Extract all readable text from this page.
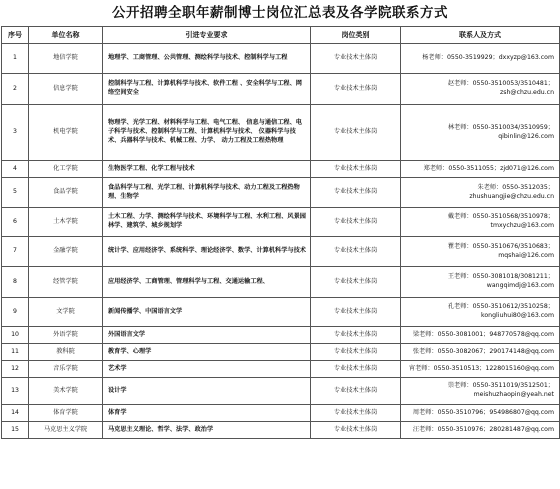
公开招聘全职年薪制博士岗位汇总表及各学院联系方式
序号	单位名称	引进专业要求	岗位类别	联系人及方式
1	地信学院	地理学、工商管理、公共管理、测绘科学与技术、控制科学与工程	专业技术主体岗	杨老师：0550-3519929；dxxyzp@163.com
2	信息学院	控制科学与工程、计算机科学与技术、软件工程 、安全科学与工程、网络空间安全	专业技术主体岗	赵老师：0550-3510053/3510481；zsh@chzu.edu.cn
3	机电学院	物理学、光学工程、材料科学与工程、电气工程、 信息与通信工程、电子科学与技术、控制科学与工程、计算机科学与技术、 仪器科学与技术、兵器科学与技术、机械工程、力学、 动力工程及工程热物理	专业技术主体岗	林老师：0550-3510034/3510959；qibinlin@126.com
4	化工学院	生物医学工程、化学工程与技术	专业技术主体岗	郑老师：0550-3511055；zjd071@126.com
5	食品学院	食品科学与工程、光学工程、计算机科学与技术、动力工程及工程热物理、生物学	专业技术主体岗	朱老师：0550-3512035；zhushuangjie@chzu.edu.cn
6	土木学院	土木工程、力学、测绘科学与技术、环境科学与工程、水利工程、风景园林学、建筑学、城乡规划学	专业技术主体岗	戴老师：0550-3510568/3510978；tmxychzu@163.com
7	金融学院	统计学、应用经济学、系统科学、理论经济学、数学、计算机科学与技术	专业技术主体岗	瞿老师：0550-3510676/3510683；mqshai@126.com
8	经管学院	应用经济学、工商管理、管理科学与工程、交通运输工程、	专业技术主体岗	王老师：0550-3081018/3081211；wangqimdj@163.com
9	文学院	新闻传播学、中国语言文学	专业技术主体岗	孔老师：0550-3510612/3510258；kongliuhui80@163.com
10	外语学院	外国语言文学	专业技术主体岗	梁老师：0550-3081001；948770578@qq.com
11	教科院	教育学、心理学	专业技术主体岗	张老师：0550-3082067；290174148@qq.com
12	音乐学院	艺术学	专业技术主体岗	宵老师：0550-3510513；1228015160@qq.com
13	美术学院	设计学	专业技术主体岗	崇老师：0550-3511019/3512501；meishuzhaopin@yeah.net
14	体育学院	体育学	专业技术主体岗	周老师：0550-3510796；954986807@qq.com
15	马克思主义学院	马克思主义理论、哲学、法学、政治学	专业技术主体岗	汪老师：0550-3510976；280281487@qq.com
